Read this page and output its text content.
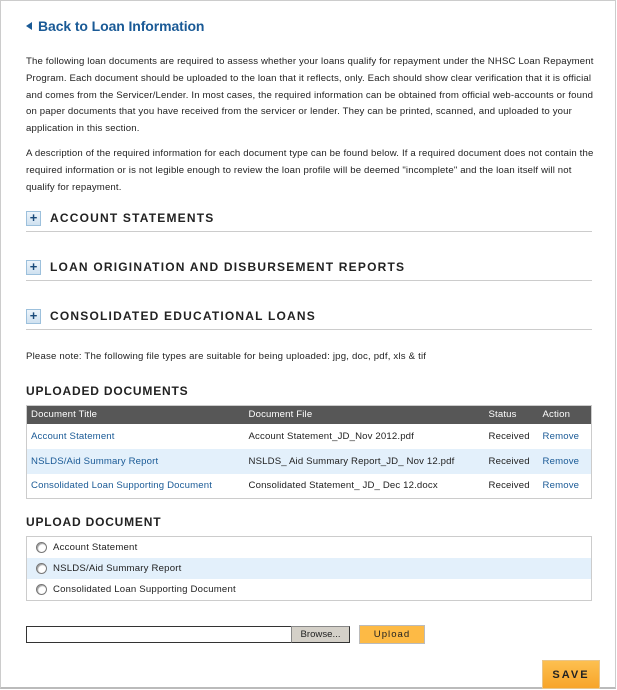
Back to Loan Information

The following loan documents are required to assess whether your loans qualify for repayment under the NHSC Loan Repayment Program. Each document should be uploaded to the loan that it reflects, only. Each should show clear verification that it is official and comes from the Servicer/Lender. In most cases, the required information can be obtained from official web-accounts or found on paper documents that you have received from the servicer or lender. They can be printed, scanned, and uploaded to your application in this section.

A description of the required information for each document type can be found below. If a required document does not contain the required information or is not legible enough to review the loan profile will be deemed "incomplete" and the loan itself will not qualify for repayment.

+	ACCOUNT STATEMENTS
+	LOAN ORIGINATION AND DISBURSEMENT REPORTS
+	CONSOLIDATED EDUCATIONAL LOANS
Please note: The following file types are suitable for being uploaded: jpg, doc, pdf, xls & tif
UPLOADED DOCUMENTS
Document Title	Document File	Status	Action
Account Statement	Account Statement_JD_Nov 2012.pdf	Received	Remove
NSLDS/Aid Summary Report	NSLDS_ Aid Summary Report_JD_ Nov 12.pdf	Received	Remove
Consolidated Loan Supporting Document	Consolidated Statement_ JD_ Dec 12.docx	Received	Remove
UPLOAD DOCUMENT
Account Statement
NSLDS/Aid Summary Report
Consolidated Loan Supporting Document
Browse...	Upload
SAVE
